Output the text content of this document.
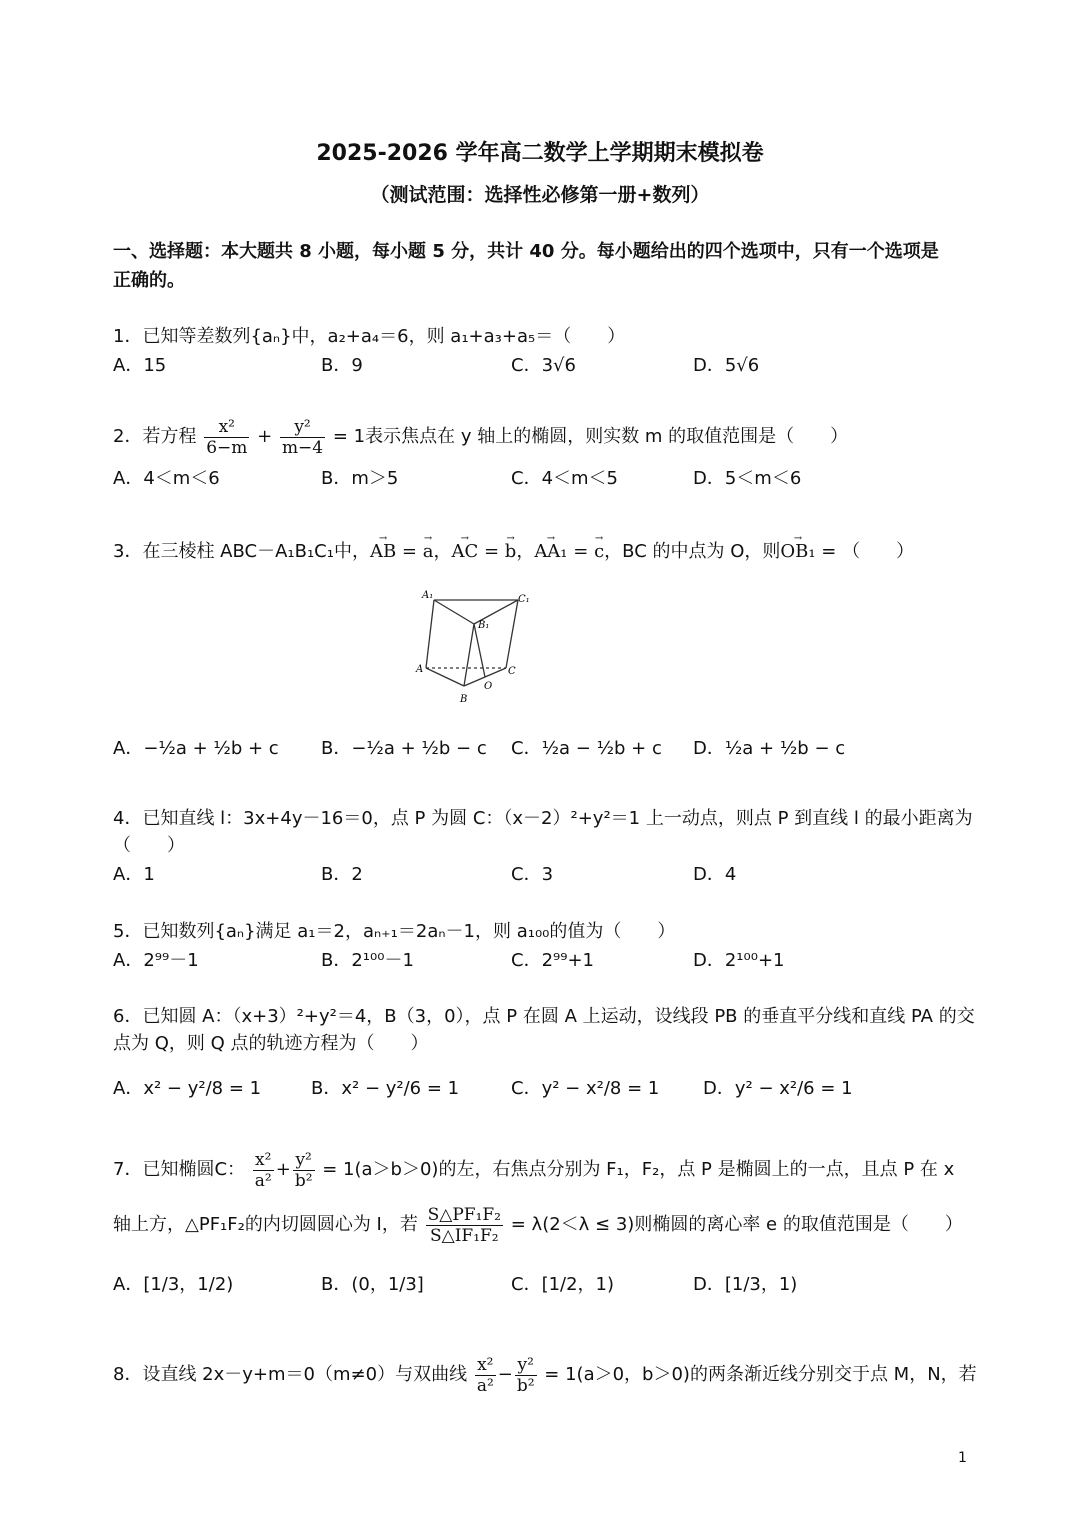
2025-2026 学年高二数学上学期期末模拟卷
（测试范围：选择性必修第一册+数列）
一、选择题：本大题共 8 小题，每小题 5 分，共计 40 分。每小题给出的四个选项中，只有一个选项是
正确的。
1．已知等差数列{aₙ}中，a₂+a₄＝6，则 a₁+a₃+a₅＝（　　）
A．15	B．9	C．3√6	D．5√6
2．若方程 $\frac{\text{x²}}{6-m} + \frac{\text{y²}}{m-4} = 1$表示焦点在 y 轴上的椭圆，则实数 m 的取值范围是（　　）
A．4＜m＜6	B．m＞5	C．4＜m＜5	D．5＜m＜6
3．在三棱柱 ABC－A₁B₁C₁中，→ AB = → a，→ AC = → b，→ AA₁ = → c，BC 的中点为 O，则→ OB₁ = （　　）
A₁	C₁
B₁
A	C
O
B
A．−½a + ½b + c B．−½a + ½b − c C．½a − ½b + c D．½a + ½b − c
4．已知直线 l：3x+4y－16＝0，点 P 为圆 C：（x－2）²+y²＝1 上一动点，则点 P 到直线 l 的最小距离为
（　　）
A．1	B．2	C．3	D．4
5．已知数列{aₙ}满足 a₁＝2，aₙ₊₁＝2aₙ－1，则 a₁₀₀的值为（　　）
A．2⁹⁹－1	B．2¹⁰⁰－1	C．2⁹⁹+1	D．2¹⁰⁰+1
6．已知圆 A：（x+3）²+y²＝4，B（3，0），点 P 在圆 A 上运动，设线段 PB 的垂直平分线和直线 PA 的交
点为 Q，则 Q 点的轨迹方程为（　　）
A．x² − y²/8 = 1	B．x² − y²/6 = 1	C．y² − x²/8 = 1 D．y² − x²/6 = 1
7．已知椭圆C： $\frac{\text{x²}}{\text{a²}} + \frac{\text{y²}}{\text{b²}} = 1(a>b>0)$的左，右焦点分别为 F₁，F₂，点 P 是椭圆上的一点，且点 P 在 x
轴上方，△PF₁F₂的内切圆圆心为 I，若 $\frac{\text{S△PF₁F₂}}{\text{S△IF₁F₂}} = \lambda(2<\lambda \le 3)$则椭圆的离心率 e 的取值范围是（　　）
A．[1/3，1/2)	B．(0，1/3]	C．[1/2，1)	D．[1/3，1)
8．设直线 2x－y+m＝0（m≠0）与双曲线 $\frac{\text{x²}}{\text{a²}} - \frac{\text{y²}}{\text{b²}} = 1(a>0$，b＞0)的两条渐近线分别交于点 M，N，若
1
